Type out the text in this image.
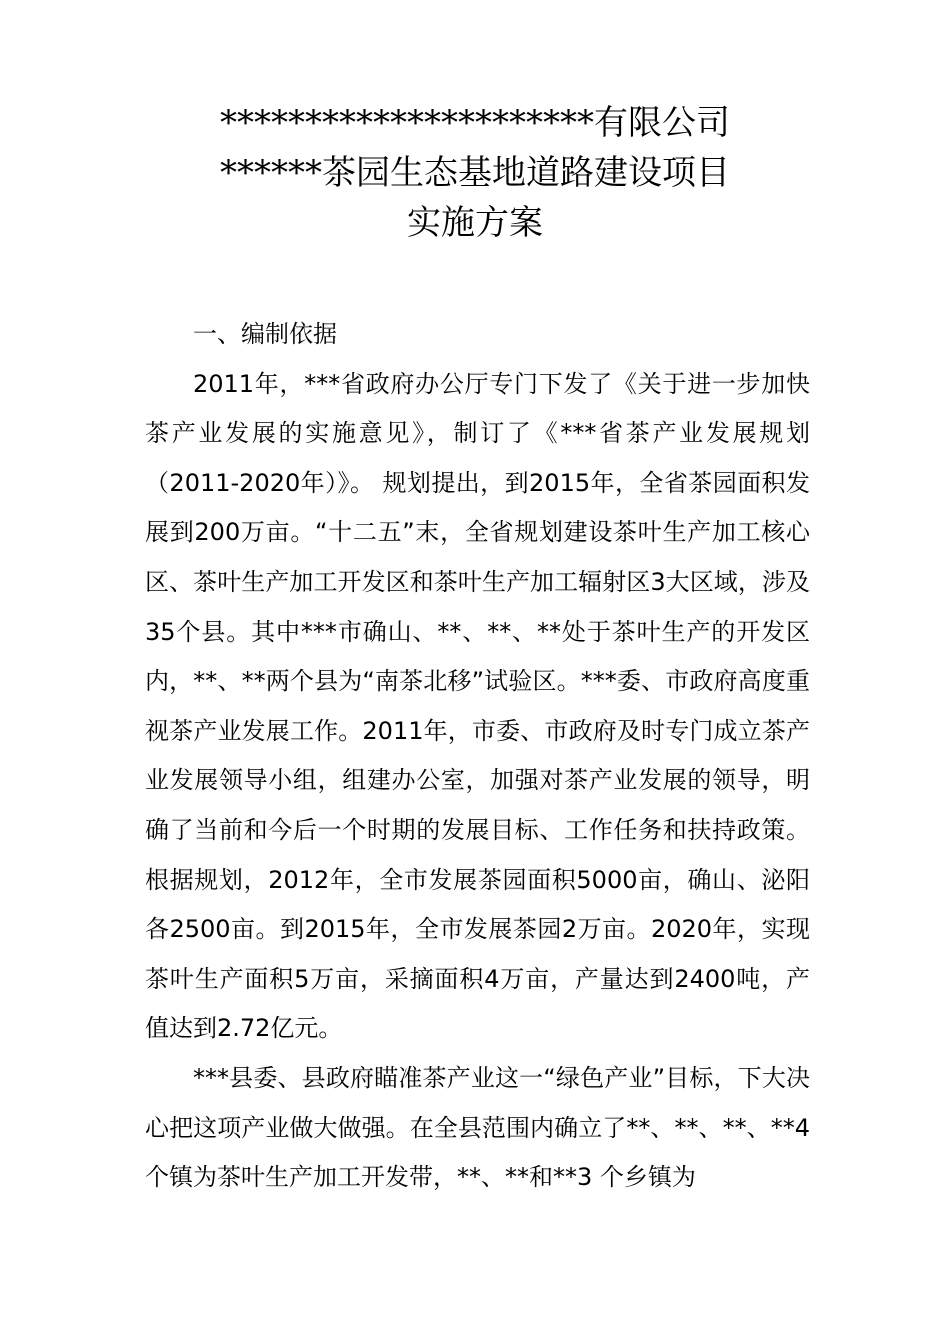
**********************有限公司
******茶园生态基地道路建设项目
实施方案
一、编制依据

2011年，***省政府办公厅专门下发了《关于进一步加快茶产业发展的实施意见》，制订了《***省茶产业发展规划（2011-2020年）》。 规划提出，到2015年，全省茶园面积发展到200万亩。“十二五”末，全省规划建设茶叶生产加工核心区、茶叶生产加工开发区和茶叶生产加工辐射区3大区域，涉及35个县。其中***市确山、**、**、**处于茶叶生产的开发区内，**、**两个县为“南茶北移”试验区。***委、市政府高度重视茶产业发展工作。2011年，市委、市政府及时专门成立茶产业发展领导小组，组建办公室，加强对茶产业发展的领导，明确了当前和今后一个时期的发展目标、工作任务和扶持政策。根据规划，2012年，全市发展茶园面积5000亩，确山、泌阳各2500亩。到2015年，全市发展茶园2万亩。2020年，实现茶叶生产面积5万亩，采摘面积4万亩，产量达到2400吨，产值达到2.72亿元。

***县委、县政府瞄准茶产业这一“绿色产业”目标，下大决心把这项产业做大做强。在全县范围内确立了**、**、**、**4 个镇为茶叶生产加工开发带，**、**和**3 个乡镇为
